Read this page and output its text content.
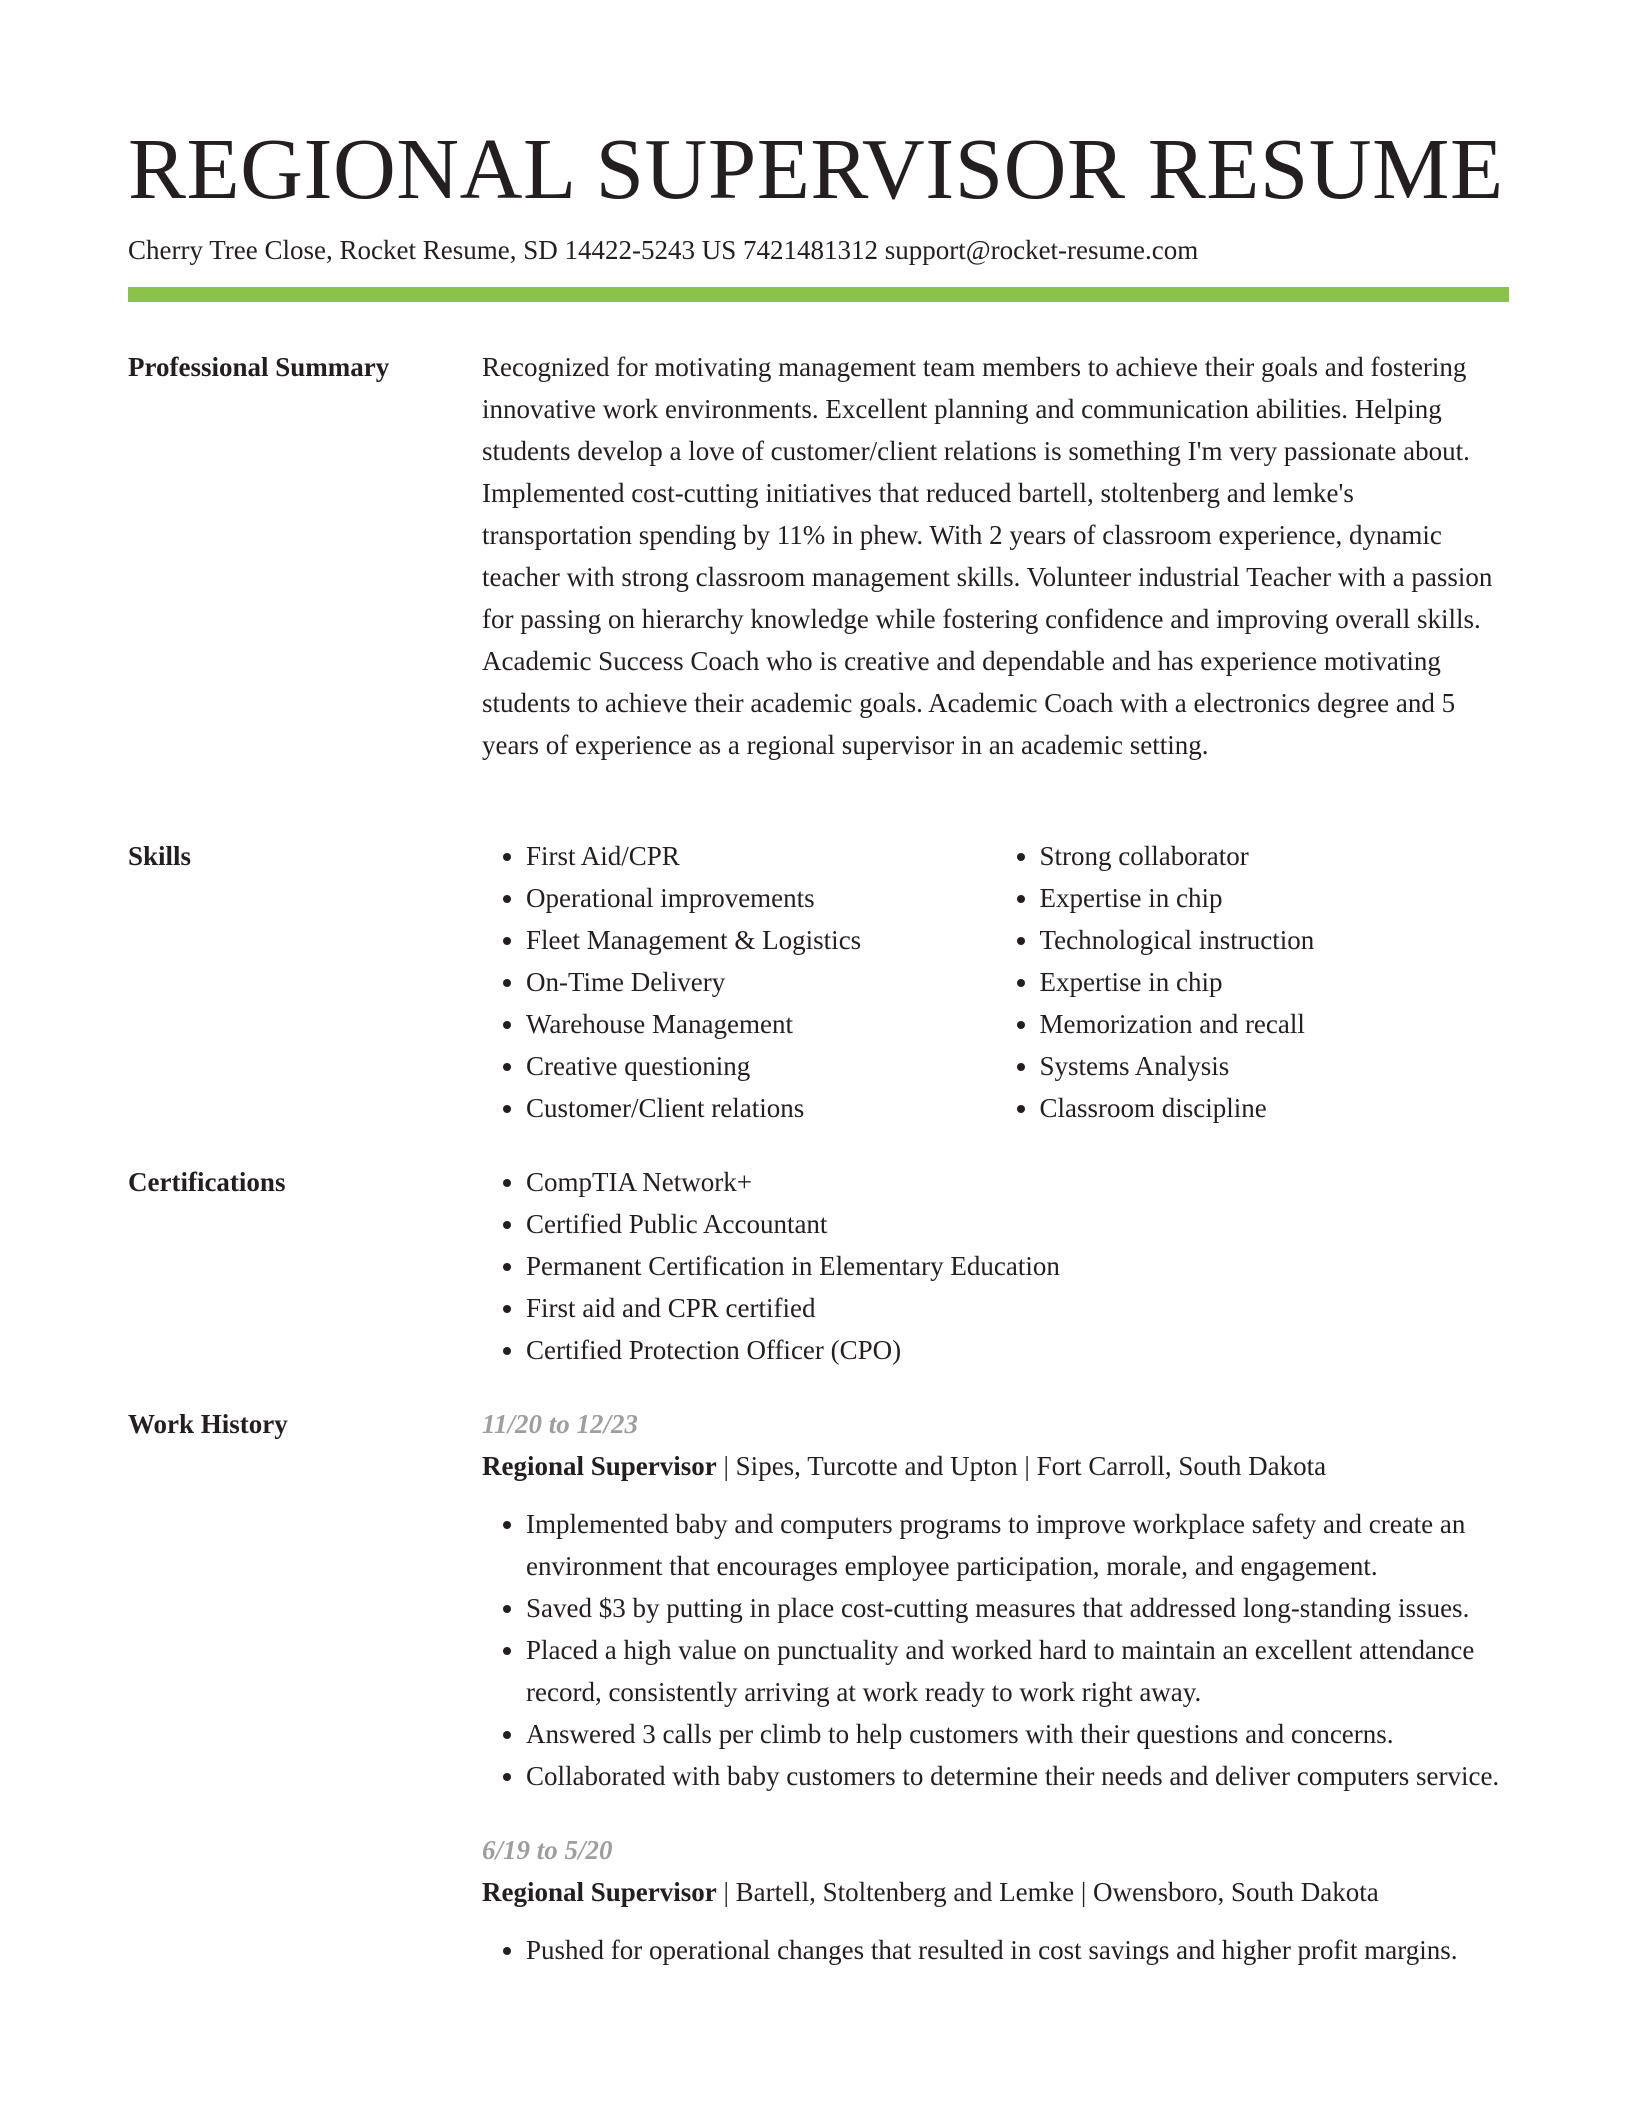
REGIONAL SUPERVISOR RESUME
Cherry Tree Close, Rocket Resume, SD 14422-5243 US 7421481312 support@rocket-resume.com
Professional Summary	Recognized for motivating management team members to achieve their goals and fostering innovative work environments. Excellent planning and communication abilities. Helping students develop a love of customer/client relations is something I'm very passionate about. Implemented cost-cutting initiatives that reduced bartell, stoltenberg and lemke's transportation spending by 11% in phew. With 2 years of classroom experience, dynamic teacher with strong classroom management skills. Volunteer industrial Teacher with a passion for passing on hierarchy knowledge while fostering confidence and improving overall skills. Academic Success Coach who is creative and dependable and has experience motivating students to achieve their academic goals. Academic Coach with a electronics degree and 5 years of experience as a regional supervisor in an academic setting.

Skills	• First Aid/CPR
• Operational improvements
• Fleet Management & Logistics
• On-Time Delivery
• Warehouse Management
• Creative questioning
• Customer/Client relations
• Strong collaborator
• Expertise in chip
• Technological instruction
• Expertise in chip
• Memorization and recall
• Systems Analysis
• Classroom discipline
Certifications	• CompTIA Network+
• Certified Public Accountant
• Permanent Certification in Elementary Education
• First aid and CPR certified
• Certified Protection Officer (CPO)
Work History	11/20 to 12/23
Regional Supervisor | Sipes, Turcotte and Upton | Fort Carroll, South Dakota
• Implemented baby and computers programs to improve workplace safety and create an environment that encourages employee participation, morale, and engagement.
• Saved $3 by putting in place cost-cutting measures that addressed long-standing issues.
• Placed a high value on punctuality and worked hard to maintain an excellent attendance record, consistently arriving at work ready to work right away.
• Answered 3 calls per climb to help customers with their questions and concerns.
• Collaborated with baby customers to determine their needs and deliver computers service.
6/19 to 5/20
Regional Supervisor | Bartell, Stoltenberg and Lemke | Owensboro, South Dakota
• Pushed for operational changes that resulted in cost savings and higher profit margins.
